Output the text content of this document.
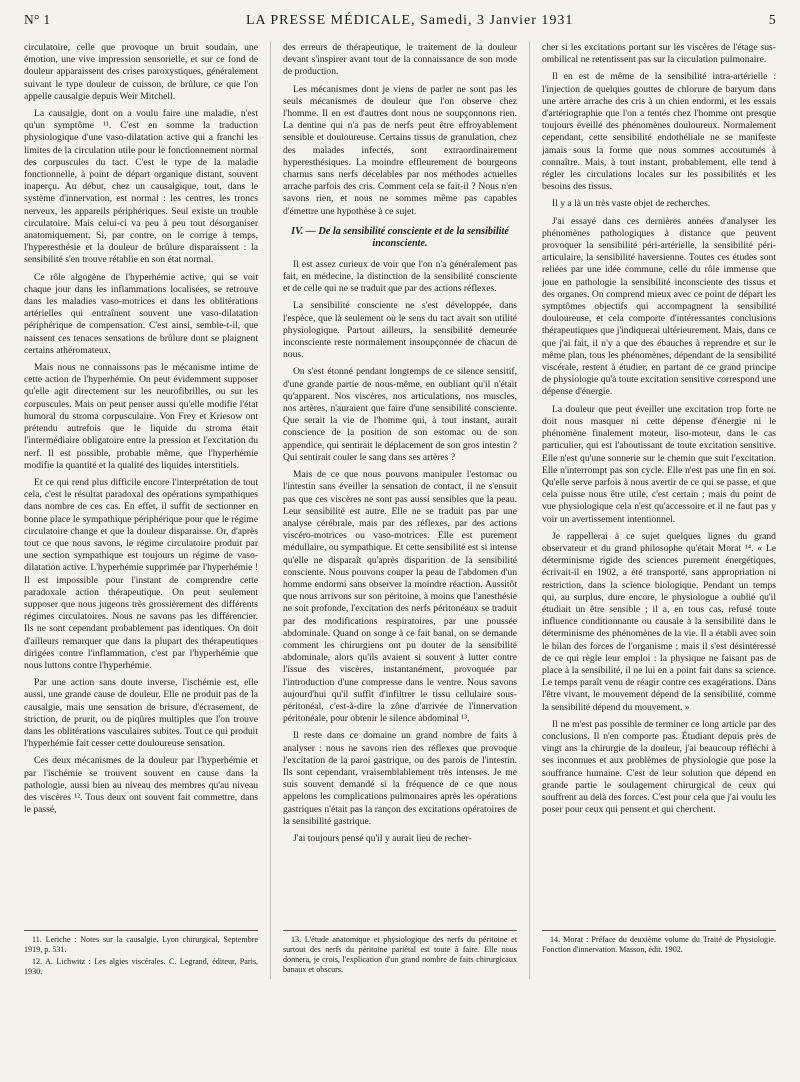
N° 1	LA PRESSE MÉDICALE, Samedi, 3 Janvier 1931	5

circulatoire, celle que provoque un bruit soudain, une émotion, une vive impression sensorielle, et sur ce fond de douleur apparaissent des crises paroxystiques, généralement suivant le type douleur de cuisson, de brûlure, ce que l'on appelle causalgie depuis Weir Mitchell.

La causalgie, dont on a voulu faire une maladie, n'est qu'un symptôme ¹¹. C'est en somme la traduction physiologique d'une vaso-dilatation active qui a franchi les limites de la circulation utile pour le fonctionnement normal des corpuscules du tact. C'est le type de la maladie fonctionnelle, à point de départ organique distant, souvent inaperçu. Au début, chez un causalgique, tout, dans le système d'innervation, est normal : les centres, les troncs nerveux, les appareils périphériques. Seul existe un trouble circulatoire. Mais celui-ci va peu à peu tout désorganiser anatomiquement. Si, par contre, on le corrige à temps, l'hyperesthésie et la douleur de brûlure disparaissent : la sensibilité s'en trouve rétablie en son état normal.

Ce rôle algogène de l'hyperhémie active, qui se voit chaque jour dans les inflammations localisées, se retrouve dans les maladies vaso-motrices et dans les oblitérations artérielles qui entraînent souvent une vaso-dilatation périphérique de compensation. C'est ainsi, semble-t-il, que naissent ces tenaces sensations de brûlure dont se plaignent certains athéromateux.

Mais nous ne connaissons pas le mécanisme intime de cette action de l'hyperhémie. On peut évidemment supposer qu'elle agit directement sur les neurofibrilles, ou sur les corpuscules. Mais on peut penser aussi qu'elle modifie l'état humoral du stroma corpusculaire. Von Frey et Kriesow ont prétendu autrefois que le liquide du stroma était l'intermédiaire obligatoire entre la pression et l'excitation du nerf. Il est possible, probable même, que l'hyperhémie modifie la quantité et la qualité des liquides interstitiels.

Et ce qui rend plus difficile encore l'interprétation de tout cela, c'est le résultat paradoxal des opérations sympathiques dans nombre de ces cas. En effet, il suffit de sectionner en bonne place le sympathique périphérique pour que le régime circulatoire change et que la douleur disparaisse. Or, d'après tout ce que nous savons, le régime circulatoire produit par une section sympathique est toujours un régime de vaso-dilatation active. L'hyperhémie supprimée par l'hyperhémie ! Il est impossible pour l'instant de comprendre cette paradoxale action thérapeutique. On peut seulement supposer que nous jugeons très grossièrement des différents régimes circulatoires. Nous ne savons pas les différencier. Ils ne sont cependant probablement pas identiques. On doit d'ailleurs remarquer que dans la plupart des thérapeutiques dirigées contre l'inflammation, c'est par l'hyperhémie que nous luttons contre l'hyperhémie.

Par une action sans doute inverse, l'ischémie est, elle aussi, une grande cause de douleur. Elle ne produit pas de la causalgie, mais une sensation de brisure, d'écrasement, de striction, de prurit, ou de piqûres multiples que l'on trouve dans les oblitérations vasculaires subites. Tout ce qui produit l'hyperhémie fait cesser cette douloureuse sensation.

Ces deux mécanismes de la douleur par l'hyperhémie et par l'ischémie se trouvent souvent en cause dans la pathologie, aussi bien au niveau des membres qu'au niveau des viscères ¹². Tous deux ont souvent fait commettre, dans le passé,

11. Leriche : Notes sur la causalgie. Lyon chirurgical, Septembre 1919, p. 531.

12. A. Lichwitz : Les algies viscérales. C. Legrand, éditeur, Paris, 1930.

des erreurs de thérapeutique, le traitement de la douleur devant s'inspirer avant tout de la connaissance de son mode de production.

Les mécanismes dont je viens de parler ne sont pas les seuls mécanismes de douleur que l'on observe chez l'homme. Il en est d'autres dont nous ne soupçonnons rien. La dentine qui n'a pas de nerfs peut être effroyablement sensible et douloureuse. Certains tissus de granulation, chez des malades infectés, sont extraordinairement hyperesthésiques. La moindre effleurement de bourgeons charnus sans nerfs décelables par nos méthodes actuelles arrache parfois des cris. Comment cela se fait-il ? Nous n'en savons rien, et nous ne sommes même pas capables d'émettre une hypothèse à ce sujet.

IV. — De la sensibilité consciente et de la sensibilité inconsciente.

Il est assez curieux de voir que l'on n'a généralement pas fait, en médecine, la distinction de la sensibilité consciente et de celle qui ne se traduit que par des actions réflexes.

La sensibilité consciente ne s'est développée, dans l'espèce, que là seulement où le sens du tact avait son utilité physiologique. Partout ailleurs, la sensibilité demeurée inconsciente reste normalement insoupçonnée de chacun de nous.

On s'est étonné pendant longtemps de ce silence sensitif, d'une grande partie de nous-même, en oubliant qu'il n'était qu'apparent. Nos viscères, nos articulations, nos muscles, nos artères, n'auraient que faire d'une sensibilité consciente. Que serait la vie de l'homme qui, à tout instant, aurait conscience de la position de son estomac ou de son appendice, qui sentirait le déplacement de son gros intestin ? Qui sentirait couler le sang dans ses artères ?

Mais de ce que nous pouvons manipuler l'estomac ou l'intestin sans éveiller la sensation de contact, il ne s'ensuit pas que ces viscères ne sont pas aussi sensibles que la peau. Leur sensibilité est autre. Elle ne se traduit pas par une analyse cérébrale, mais par des réflexes, par des actions viscéro-motrices ou vaso-motrices. Elle est purement médullaire, ou sympathique. Et cette sensibilité est si intense qu'elle ne disparaît qu'après disparition de la sensibilité consciente. Nous pouvons couper la peau de l'abdomen d'un homme endormi sans observer la moindre réaction. Aussitôt que nous arrivons sur son péritoine, à moins que l'anesthésie ne soit profonde, l'excitation des nerfs péritonéaux se traduit par des modifications respiratoires, par une poussée abdominale. Quand on songe à ce fait banal, on se demande comment les chirurgiens ont pu douter de la sensibilité abdominale, alors qu'ils avaient si souvent à lutter contre l'issue des viscères, instantanément, provoquée par l'introduction d'une compresse dans le ventre. Nous savons aujourd'hui qu'il suffit d'infiltrer le tissu cellulaire sous-péritonéal, c'est-à-dire la zône d'arrivée de l'innervation péritonéale, pour obtenir le silence abdominal ¹³.

Il reste dans ce domaine un grand nombre de faits à analyser : nous ne savons rien des réflexes que provoque l'excitation de la paroi gastrique, ou des parois de l'intestin. Ils sont cependant, vraisemblablement très intenses. Je me suis souvent demandé si la fréquence de ce que nous appelons les complications pulmonaires après les opérations gastriques n'était pas la rançon des excitations opératoires de la sensibilité gastrique.

J'ai toujours pensé qu'il y aurait lieu de recher-

13. L'étude anatomique et physiologique des nerfs du péritoine et surtout des nerfs du péritoine pariétal est toute à faire. Elle nous donnera, je crois, l'explication d'un grand nombre de faits chirurgicaux banaux et obscurs.

cher si les excitations portant sur les viscères de l'étage sus-ombilical ne retentissent pas sur la circulation pulmonaire.

Il en est de même de la sensibilité intra-artérielle : l'injection de quelques gouttes de chlorure de baryum dans une artère arrache des cris à un chien endormi, et les essais d'artériographie que l'on a tentés chez l'homme ont presque toujours éveillé des phénomènes douloureux. Normalement cependant, cette sensibilité endothéliale ne se manifeste jamais sous la forme que nous sommes accoutumés à connaître. Mais, à tout instant, probablement, elle tend à régler les circulations locales sur les possibilités et les besoins des tissus.

Il y a là un très vaste objet de recherches.

J'ai essayé dans ces dernières années d'analyser les phénomènes pathologiques à distance que peuvent provoquer la sensibilité péri-artérielle, la sensibilité péri-articulaire, la sensibilité haversienne. Toutes ces études sont reliées par une idée commune, celle du rôle immense que joue en pathologie la sensibilité inconsciente des tissus et des organes. On comprend mieux avec ce point de départ les symptômes objectifs qui accompagnent la sensibilité douloureuse, et cela comporte d'intéressantes conclusions thérapeutiques que j'indiquerai ultérieurement. Mais, dans ce que j'ai fait, il n'y a que des ébauches à reprendre et sur le même plan, tous les phénomènes, dépendant de la sensibilité viscérale, restent à étudier, en partant de ce grand principe de physiologie qu'à toute excitation sensitive correspond une dépense d'énergie.

La douleur que peut éveiller une excitation trop forte ne doit nous masquer ni cette dépense d'énergie ni le phénomène finalement moteur, liso-moteur, dans le cas particulier, qui est l'aboutissant de toute excitation sensitive. Elle n'est qu'une sonnerie sur le chemin que suit l'excitation. Elle n'interrompt pas son cycle. Elle n'est pas une fin en soi. Qu'elle serve parfois à nous avertir de ce qui se passe, et que cela puisse nous être utile, c'est certain ; mais du point de vue physiologique cela n'est qu'accessoire et il ne faut pas y voir un avertissement intentionnel.

Je rappellerai à ce sujet quelques lignes du grand observateur et du grand philosophe qu'était Morat ¹⁴. « Le déterminisme rigide des sciences purement énergétiques, écrivait-il en 1902, a été transporté, sans appropriation ni restriction, dans la science biologique. Pendant un temps qui, au surplus, dure encore, le physiologue a oublié qu'il étudiait un être sensible ; il a, en tous cas, refusé toute influence conditionnante ou causale à la sensibilité dans le déterminisme des phénomènes de la vie. Il a établi avec soin le bilan des forces de l'organisme ; mais il s'est désintéressé de ce qui règle leur emploi : la physique ne faisant pas de place à la sensibilité, il ne lui en a point fait dans sa science. Le temps paraît venu de réagir contre ces exagérations. Dans l'être vivant, le mouvement dépend de la sensibilité, comme la sensibilité dépend du mouvement. »

Il ne m'est pas possible de terminer ce long article par des conclusions. Il n'en comporte pas. Étudiant depuis près de vingt ans la chirurgie de la douleur, j'ai beaucoup réfléchi à ses inconnues et aux problèmes de physiologie que pose la souffrance humaine. C'est de leur solution que dépend en grande partie le soulagement chirurgical de ceux qui souffrent au delà des forces. C'est pour cela que j'ai voulu les poser pour ceux qui pensent et qui cherchent.

14. Morat : Préface du deuxième volume du Traité de Physiologie. Fonction d'innervation. Masson, édit. 1902.
